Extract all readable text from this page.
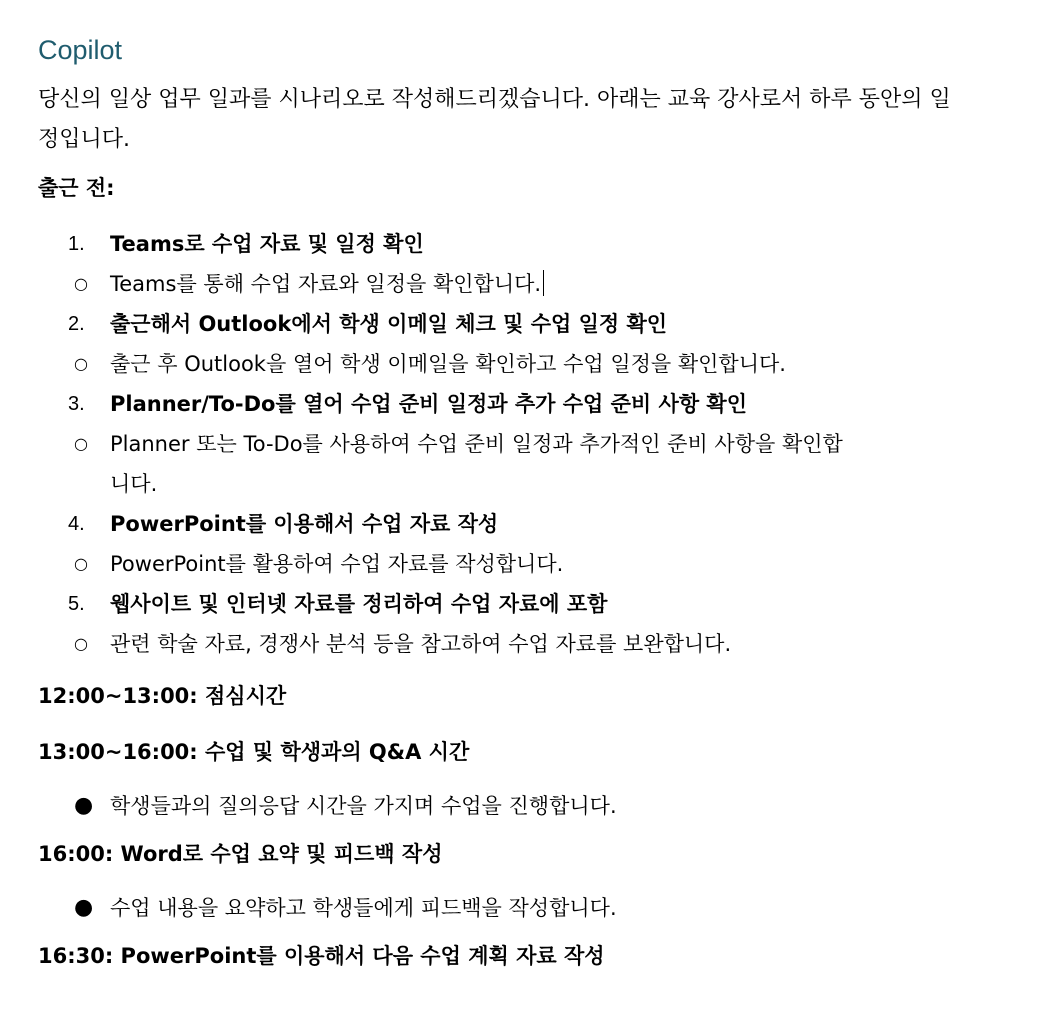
Copilot

당신의 일상 업무 일과를 시나리오로 작성해드리겠습니다. 아래는 교육 강사로서 하루 동안의 일정입니다.

출근 전:

1. Teams로 수업 자료 및 일정 확인
○ Teams를 통해 수업 자료와 일정을 확인합니다.
2. 출근해서 Outlook에서 학생 이메일 체크 및 수업 일정 확인
○ 출근 후 Outlook을 열어 학생 이메일을 확인하고 수업 일정을 확인합니다.
3. Planner/To-Do를 열어 수업 준비 일정과 추가 수업 준비 사항 확인
○ Planner 또는 To-Do를 사용하여 수업 준비 일정과 추가적인 준비 사항을 확인합니다.
4. PowerPoint를 이용해서 수업 자료 작성
○ PowerPoint를 활용하여 수업 자료를 작성합니다.
5. 웹사이트 및 인터넷 자료를 정리하여 수업 자료에 포함
○ 관련 학술 자료, 경쟁사 분석 등을 참고하여 수업 자료를 보완합니다.

12:00~13:00: 점심시간

13:00~16:00: 수업 및 학생과의 Q&A 시간

● 학생들과의 질의응답 시간을 가지며 수업을 진행합니다.

16:00: Word로 수업 요약 및 피드백 작성

● 수업 내용을 요약하고 학생들에게 피드백을 작성합니다.

16:30: PowerPoint를 이용해서 다음 수업 계획 자료 작성
